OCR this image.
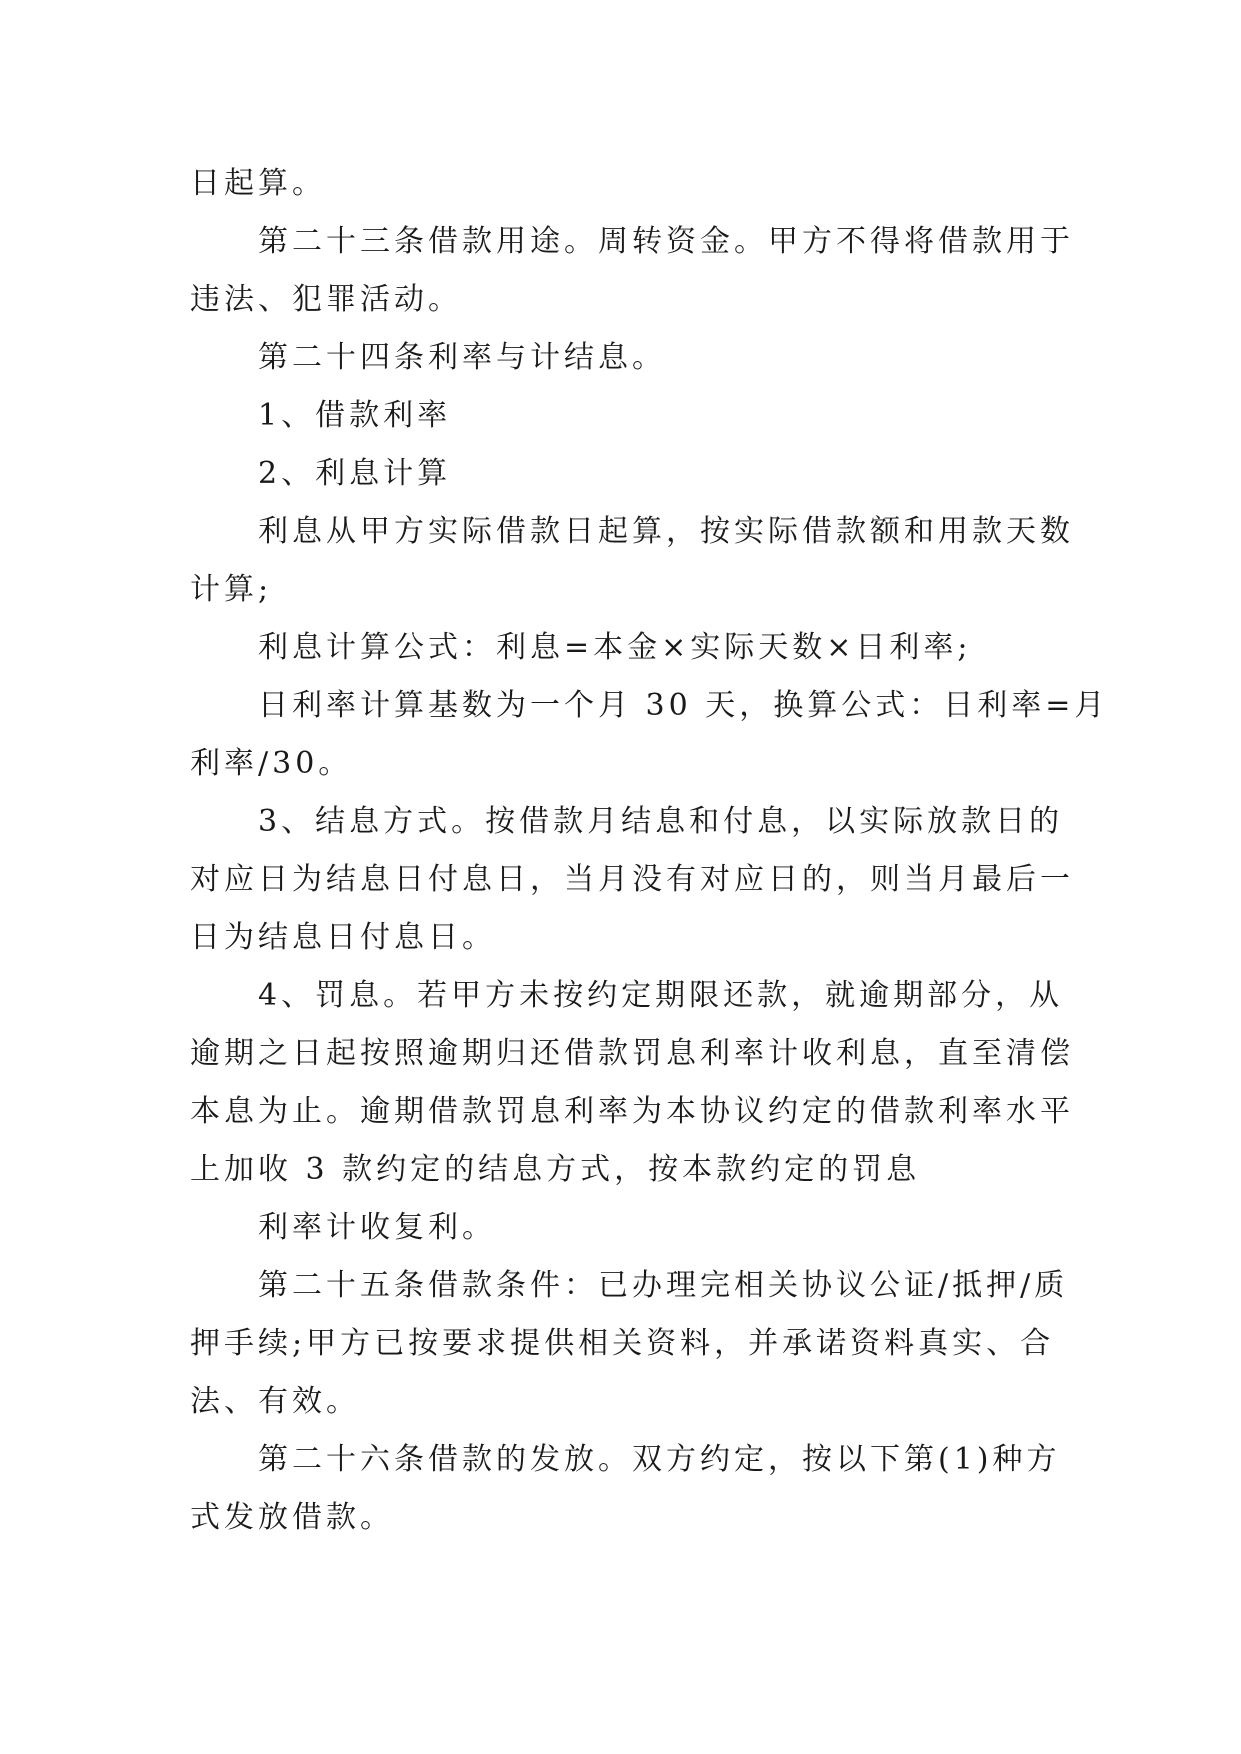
日起算。
第二十三条借款用途。周转资金。甲方不得将借款用于
违法、犯罪活动。
第二十四条利率与计结息。
1、借款利率
2、利息计算
利息从甲方实际借款日起算，按实际借款额和用款天数
计算;
利息计算公式：利息=本金×实际天数×日利率;
日利率计算基数为一个月 30 天，换算公式：日利率=月
利率/30。
3、结息方式。按借款月结息和付息，以实际放款日的
对应日为结息日付息日，当月没有对应日的，则当月最后一
日为结息日付息日。
4、罚息。若甲方未按约定期限还款，就逾期部分，从
逾期之日起按照逾期归还借款罚息利率计收利息，直至清偿
本息为止。逾期借款罚息利率为本协议约定的借款利率水平
上加收 3 款约定的结息方式，按本款约定的罚息
利率计收复利。
第二十五条借款条件：已办理完相关协议公证/抵押/质
押手续;甲方已按要求提供相关资料，并承诺资料真实、合
法、有效。
第二十六条借款的发放。双方约定，按以下第(1)种方
式发放借款。
